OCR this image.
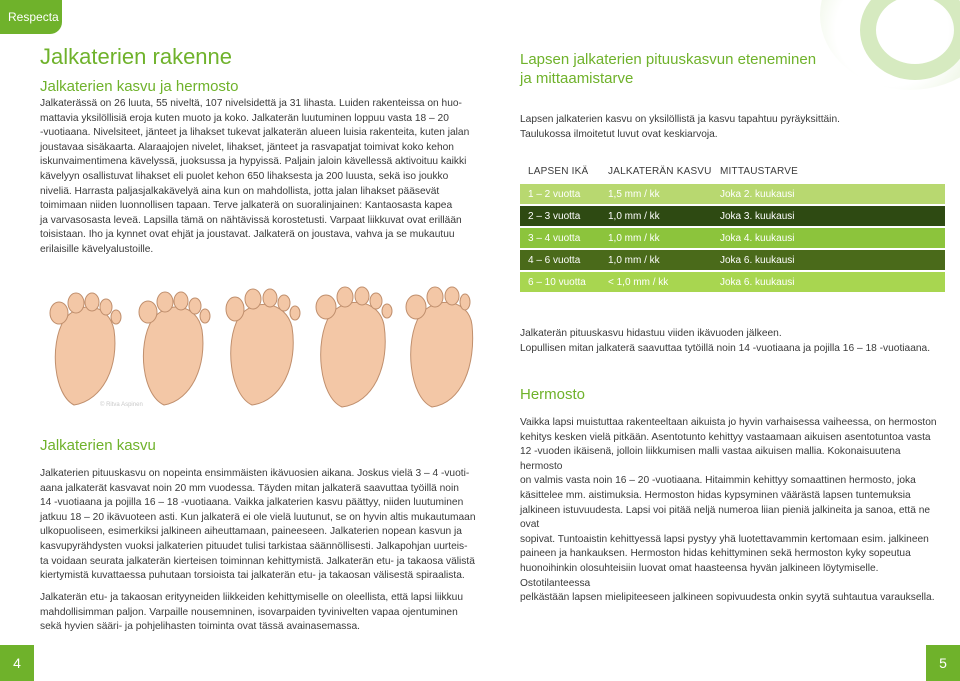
Respecta
Jalkaterien rakenne
Jalkaterien kasvu ja hermosto
Jalkaterässä on 26 luuta, 55 niveltä, 107 nivelsidettä ja 31 lihasta. Luiden rakenteissa on huo-
mattavia yksilöllisiä eroja kuten muoto ja koko. Jalkaterän luutuminen loppuu vasta 18 – 20
-vuotiaana. Nivelsiteet, jänteet ja lihakset tukevat jalkaterän alueen luisia rakenteita, kuten jalan
joustavaa sisäkaarta. Alaraajojen nivelet, lihakset, jänteet ja rasvapatjat toimivat koko kehon
iskunvaimentimena kävelyssä, juoksussa ja hypyissä. Paljain jaloin kävellessä aktivoituu kaikki
kävelyyn osallistuvat lihakset eli puolet kehon 650 lihaksesta ja 200 luusta, sekä iso joukko
niveliä. Harrasta paljasjalkakävelyä aina kun on mahdollista, jotta jalan lihakset pääsevät
toimimaan niiden luonnollisen tapaan. Terve jalkaterä on suoralinjainen: Kantaosasta kapea
ja varvasosasta leveä. Lapsilla tämä on nähtävissä korostetusti. Varpaat liikkuvat ovat erillään
toisistaan. Iho ja kynnet ovat ehjät ja joustavat. Jalkaterä on joustava, vahva ja se mukautuu
erilaisille kävelyalustoille.
© Ritva Aspinen
Jalkaterien kasvu
Jalkaterien pituuskasvu on nopeinta ensimmäisten ikävuosien aikana. Joskus vielä 3 – 4 -vuoti-
aana jalkaterät kasvavat noin 20 mm vuodessa. Täyden mitan jalkaterä saavuttaa työillä noin
14 -vuotiaana ja pojilla 16 – 18 -vuotiaana. Vaikka jalkaterien kasvu päättyy, niiden luutuminen
jatkuu 18 – 20 ikävuoteen asti. Kun jalkaterä ei ole vielä luutunut, se on hyvin altis mukautumaan
ulkopuoliseen, esimerkiksi jalkineen aiheuttamaan, paineeseen. Jalkaterien nopean kasvun ja
kasvupyrähdysten vuoksi jalkaterien pituudet tulisi tarkistaa säännöllisesti. Jalkapohjan uurteis-
ta voidaan seurata jalkaterän kierteisen toiminnan kehittymistä. Jalkaterän etu- ja takaosa välistä
kiertymistä kuvattaessa puhutaan torsioista tai jalkaterän etu- ja takaosan välisestä spiraalista.
Jalkaterän etu- ja takaosan erityyneiden liikkeiden kehittymiselle on oleellista, että lapsi liikkuu
mahdollisimman paljon. Varpaille nousemninen, isovarpaiden tyvinivelten vapaa ojentuminen
sekä hyvien sääri- ja pohjelihasten toiminta ovat tässä avainasemassa.
4
Lapsen jalkaterien pituuskasvun eteneminen
ja mittaamistarve
Lapsen jalkaterien kasvu on yksilöllistä ja kasvu tapahtuu pyräyksittäin.
Taulukossa ilmoitetut luvut ovat keskiarvoja.
LAPSEN IKÄ	JALKATERÄN KASVU	MITTAUSTARVE
1 – 2 vuotta	1,5 mm / kk	Joka 2. kuukausi
2 – 3 vuotta	1,0 mm / kk	Joka 3. kuukausi
3 – 4 vuotta	1,0 mm / kk	Joka 4. kuukausi
4 – 6 vuotta	1,0 mm / kk	Joka 6. kuukausi
6 – 10 vuotta	< 1,0 mm / kk	Joka 6. kuukausi
Jalkaterän pituuskasvu hidastuu viiden ikävuoden jälkeen.
Lopullisen mitan jalkaterä saavuttaa tytöillä noin 14 -vuotiaana ja pojilla 16 – 18 -vuotiaana.
Hermosto
Vaikka lapsi muistuttaa rakenteeltaan aikuista jo hyvin varhaisessa vaiheessa, on hermoston
kehitys kesken vielä pitkään. Asentotunto kehittyy vastaamaan aikuisen asentotuntoa vasta
12 -vuoden ikäisenä, jolloin liikkumisen malli vastaa aikuisen mallia. Kokonaisuutena hermosto
on valmis vasta noin 16 – 20 -vuotiaana. Hitaimmin kehittyy somaattinen hermosto, joka
käsittelee mm. aistimuksia. Hermoston hidas kypsyminen väärästä lapsen tuntemuksia
jalkineen istuvuudesta. Lapsi voi pitää neljä numeroa liian pieniä jalkineita ja sanoa, että ne ovat
sopivat. Tuntoaistin kehittyessä lapsi pystyy yhä luotettavammin kertomaan esim. jalkineen
paineen ja hankauksen. Hermoston hidas kehittyminen sekä hermoston kyky sopeutua
huonoihinkin olosuhteisiin luovat omat haasteensa hyvän jalkineen löytymiselle. Ostotilanteessa
pelkästään lapsen mielipiteeseen jalkineen sopivuudesta onkin syytä suhtautua varauksella.
5
